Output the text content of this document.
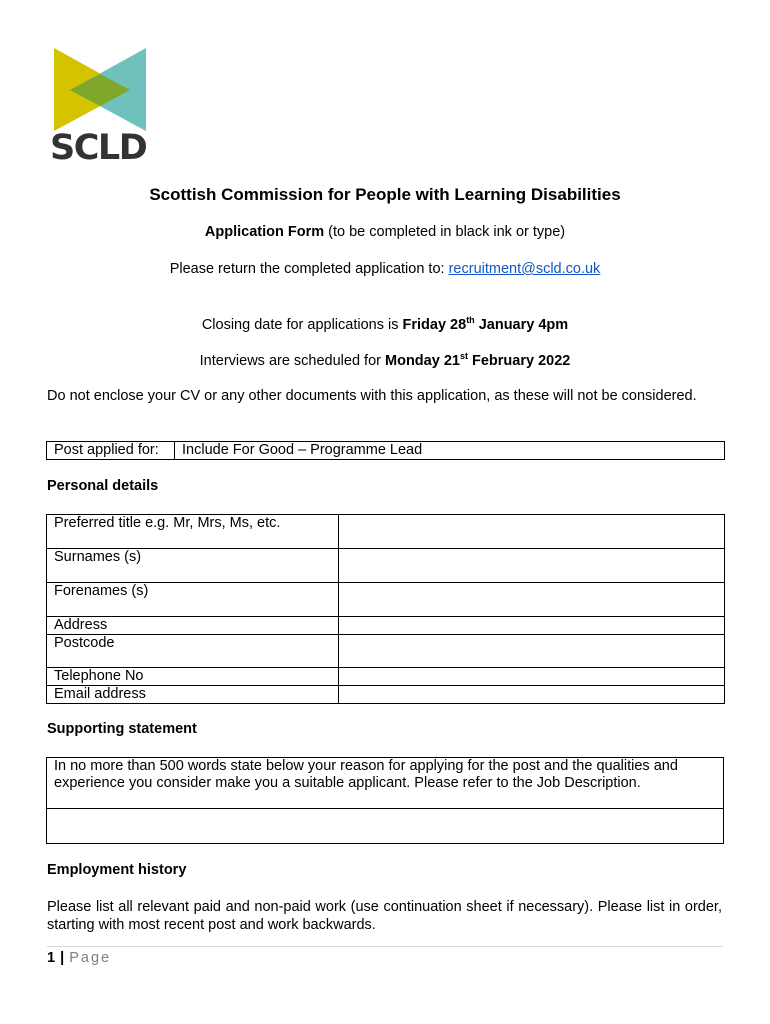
SCLD
Scottish Commission for People with Learning Disabilities
Application Form (to be completed in black ink or type)
Please return the completed application to: recruitment@scld.co.uk
Closing date for applications is Friday 28th January 4pm
Interviews are scheduled for Monday 21st February 2022
Do not enclose your CV or any other documents with this application, as these will not be considered.
Post applied for:	Include For Good – Programme Lead
Personal details
Preferred title e.g. Mr, Mrs, Ms, etc.	
Surnames (s)	
Forenames (s)	
Address	
Postcode	
Telephone No	
Email address	
Supporting statement
In no more than 500 words state below your reason for applying for the post and the qualities and experience you consider make you a suitable applicant. Please refer to the Job Description.

Employment history
Please list all relevant paid and non-paid work (use continuation sheet if necessary). Please list in order, starting with most recent post and work backwards.
1 | Page
